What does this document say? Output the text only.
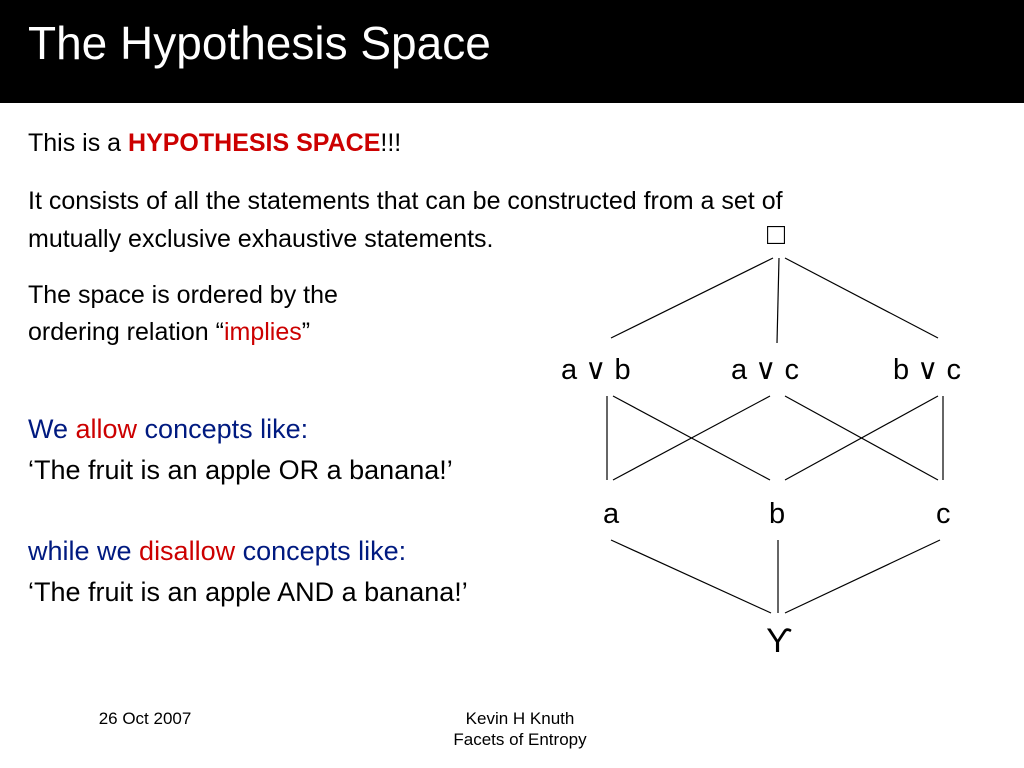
The Hypothesis Space

This is a HYPOTHESIS SPACE!!!

It consists of all the statements that can be constructed from a set of

mutually exclusive exhaustive statements.

The space is ordered by the

ordering relation “implies”

We allow concepts like:

‘The fruit is an apple OR a banana!’

while we disallow concepts like:

‘The fruit is an apple AND a banana!’

□
a ∨ b	a ∨ c	b ∨ c
a	b	c
ϒ
26 Oct 2007	Kevin H Knuth
Facets of Entropy
